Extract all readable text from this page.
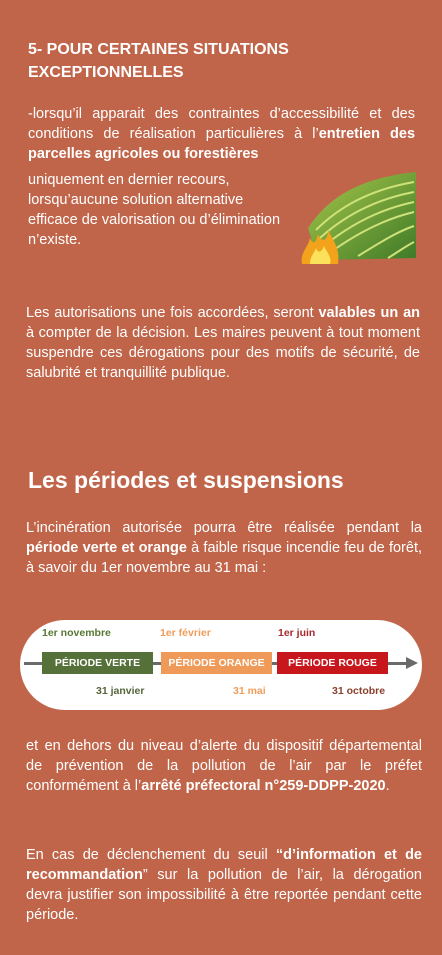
5- POUR CERTAINES SITUATIONS EXCEPTIONNELLES
-lorsqu’il apparait des contraintes d’accessibilité et des conditions de réalisation particulières à l’entretien des parcelles agricoles ou forestières
uniquement en dernier recours, lorsqu’aucune solution alternative efficace de valorisation ou d’élimination n’existe.
Les autorisations une fois accordées, seront valables un an à compter de la décision. Les maires peuvent à tout moment suspendre ces dérogations pour des motifs de sécurité, de salubrité et tranquillité publique.
Les périodes et suspensions
L’incinération autorisée pourra être réalisée pendant la période verte et orange à faible risque incendie feu de forêt, à savoir du 1er novembre au 31 mai :
1er novembre	1er février	1er juin
PÉRIODE VERTE	PÉRIODE ORANGE	PÉRIODE ROUGE
31 janvier	31 mai	31 octobre
et en dehors du niveau d’alerte du dispositif départemental de prévention de la pollution de l’air par le préfet conformément à l’arrêté préfectoral n°259-DDPP-2020.
En cas de déclenchement du seuil “d’information et de recommandation” sur la pollution de l’air, la dérogation devra justifier son impossibilité à être reportée pendant cette période.
